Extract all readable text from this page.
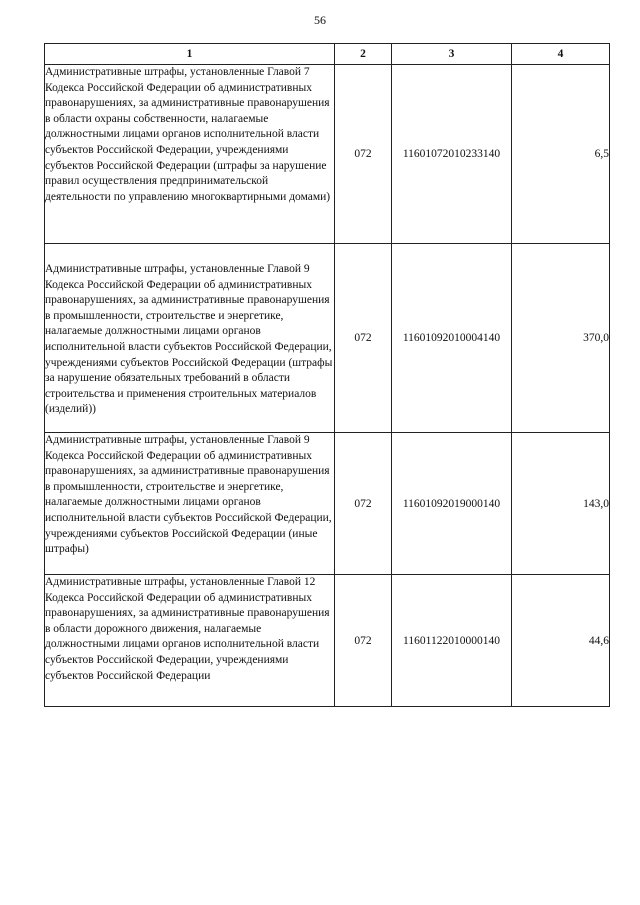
56
1	2	3	4
Административные штрафы, установленные Главой 7 Кодекса Российской Федерации об административных правонарушениях, за административные правонарушения в области охраны собственности, налагаемые должностными лицами органов исполнительной власти субъектов Российской Федерации, учреждениями субъектов Российской Федерации (штрафы за нарушение правил осуществления предпринимательской деятельности по управлению многоквартирными домами)	072	11601072010233140	6,5
Административные штрафы, установленные Главой 9 Кодекса Российской Федерации об административных правонарушениях, за административные правонарушения в промышленности, строительстве и энергетике, налагаемые должностными лицами органов исполнительной власти субъектов Российской Федерации, учреждениями субъектов Российской Федерации (штрафы за нарушение обязательных требований в области строительства и применения строительных материалов (изделий))	072	11601092010004140	370,0
Административные штрафы, установленные Главой 9 Кодекса Российской Федерации об административных правонарушениях, за административные правонарушения в промышленности, строительстве и энергетике, налагаемые должностными лицами органов исполнительной власти субъектов Российской Федерации, учреждениями субъектов Российской Федерации (иные штрафы)	072	11601092019000140	143,0
Административные штрафы, установленные Главой 12 Кодекса Российской Федерации об административных правонарушениях, за административные правонарушения в области дорожного движения, налагаемые должностными лицами органов исполнительной власти субъектов Российской Федерации, учреждениями субъектов Российской Федерации	072	11601122010000140	44,6
